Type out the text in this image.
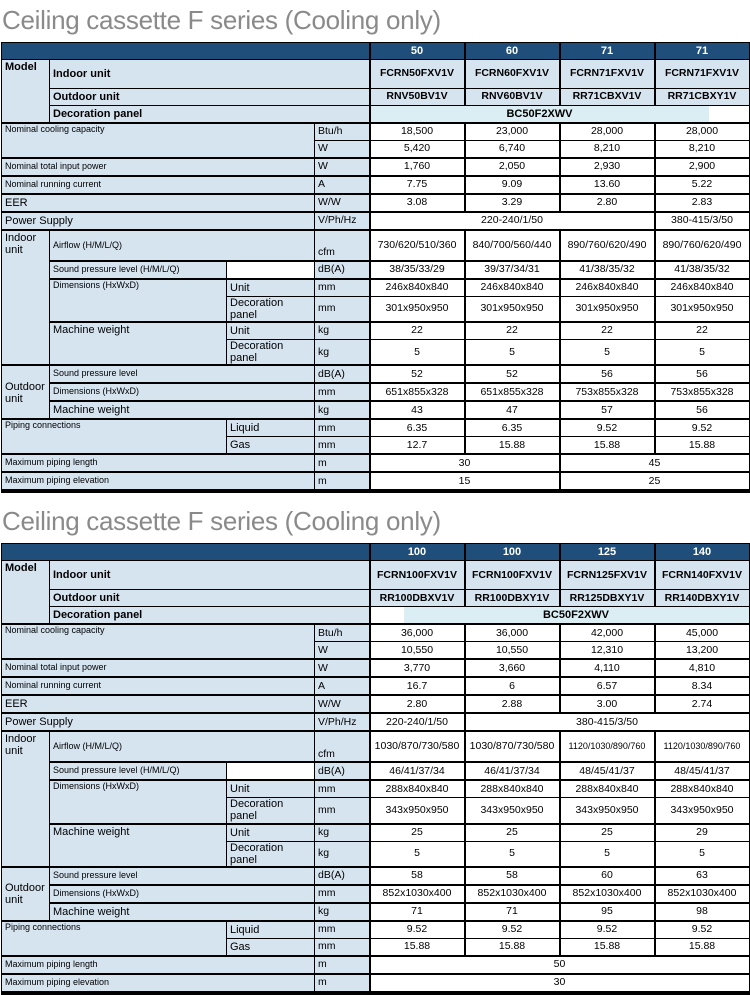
Ceiling cassette F series (Cooling only)
				50	60	71	71
Model	Indoor unit			FCRN50FXV1V	FCRN60FXV1V	FCRN71FXV1V	FCRN71FXV1V
	Outdoor unit			RNV50BV1V	RNV60BV1V	RR71CBXV1V	RR71CBXY1V
	Decoration panel			BC50F2XWV			
Nominal cooling capacity			Btu/h	18,500	23,000	28,000	28,000
			W	5,420	6,740	8,210	8,210
Nominal total input power			W	1,760	2,050	2,930	2,900
Nominal running current			A	7.75	9.09	13.60	5.22
EER			W/W	3.08	3.29	2.80	2.83
Power Supply			V/Ph/Hz	220-240/1/50			380-415/3/50
Indoor unit	Airflow (H/M/L/Q)		cfm	730/620/510/360	840/700/560/440	890/760/620/490	890/760/620/490
	Sound pressure level (H/M/L/Q)		dB(A)	38/35/33/29	39/37/34/31	41/38/35/32	41/38/35/32
	Dimensions (HxWxD)	Unit	mm	246x840x840	246x840x840	246x840x840	246x840x840
		Decoration panel	mm	301x950x950	301x950x950	301x950x950	301x950x950
	Machine weight	Unit	kg	22	22	22	22
		Decoration panel	kg	5	5	5	5
Outdoor unit	Sound pressure level		dB(A)	52	52	56	56
	Dimensions (HxWxD)		mm	651x855x328	651x855x328	753x855x328	753x855x328
	Machine weight		kg	43	47	57	56
Piping connections		Liquid	mm	6.35	6.35	9.52	9.52
		Gas	mm	12.7	15.88	15.88	15.88
Maximum piping length			m	30		45	
Maximum piping elevation			m	15		25	
Ceiling cassette F series (Cooling only)
				100	100	125	140
Model	Indoor unit			FCRN100FXV1V	FCRN100FXV1V	FCRN125FXV1V	FCRN140FXV1V
	Outdoor unit			RR100DBXV1V	RR100DBXY1V	RR125DBXY1V	RR140DBXY1V
	Decoration panel			BC50F2XWV			
Nominal cooling capacity			Btu/h	36,000	36,000	42,000	45,000
			W	10,550	10,550	12,310	13,200
Nominal total input power			W	3,770	3,660	4,110	4,810
Nominal running current			A	16.7	6	6.57	8.34
EER			W/W	2.80	2.88	3.00	2.74
Power Supply			V/Ph/Hz	220-240/1/50	380-415/3/50		
Indoor unit	Airflow (H/M/L/Q)		cfm	1030/870/730/580	1030/870/730/580	1120/1030/890/760	1120/1030/890/760
	Sound pressure level (H/M/L/Q)		dB(A)	46/41/37/34	46/41/37/34	48/45/41/37	48/45/41/37
	Dimensions (HxWxD)	Unit	mm	288x840x840	288x840x840	288x840x840	288x840x840
		Decoration panel	mm	343x950x950	343x950x950	343x950x950	343x950x950
	Machine weight	Unit	kg	25	25	25	29
		Decoration panel	kg	5	5	5	5
Outdoor unit	Sound pressure level		dB(A)	58	58	60	63
	Dimensions (HxWxD)		mm	852x1030x400	852x1030x400	852x1030x400	852x1030x400
	Machine weight		kg	71	71	95	98
Piping connections		Liquid	mm	9.52	9.52	9.52	9.52
		Gas	mm	15.88	15.88	15.88	15.88
Maximum piping length			m	50			
Maximum piping elevation			m	30			
